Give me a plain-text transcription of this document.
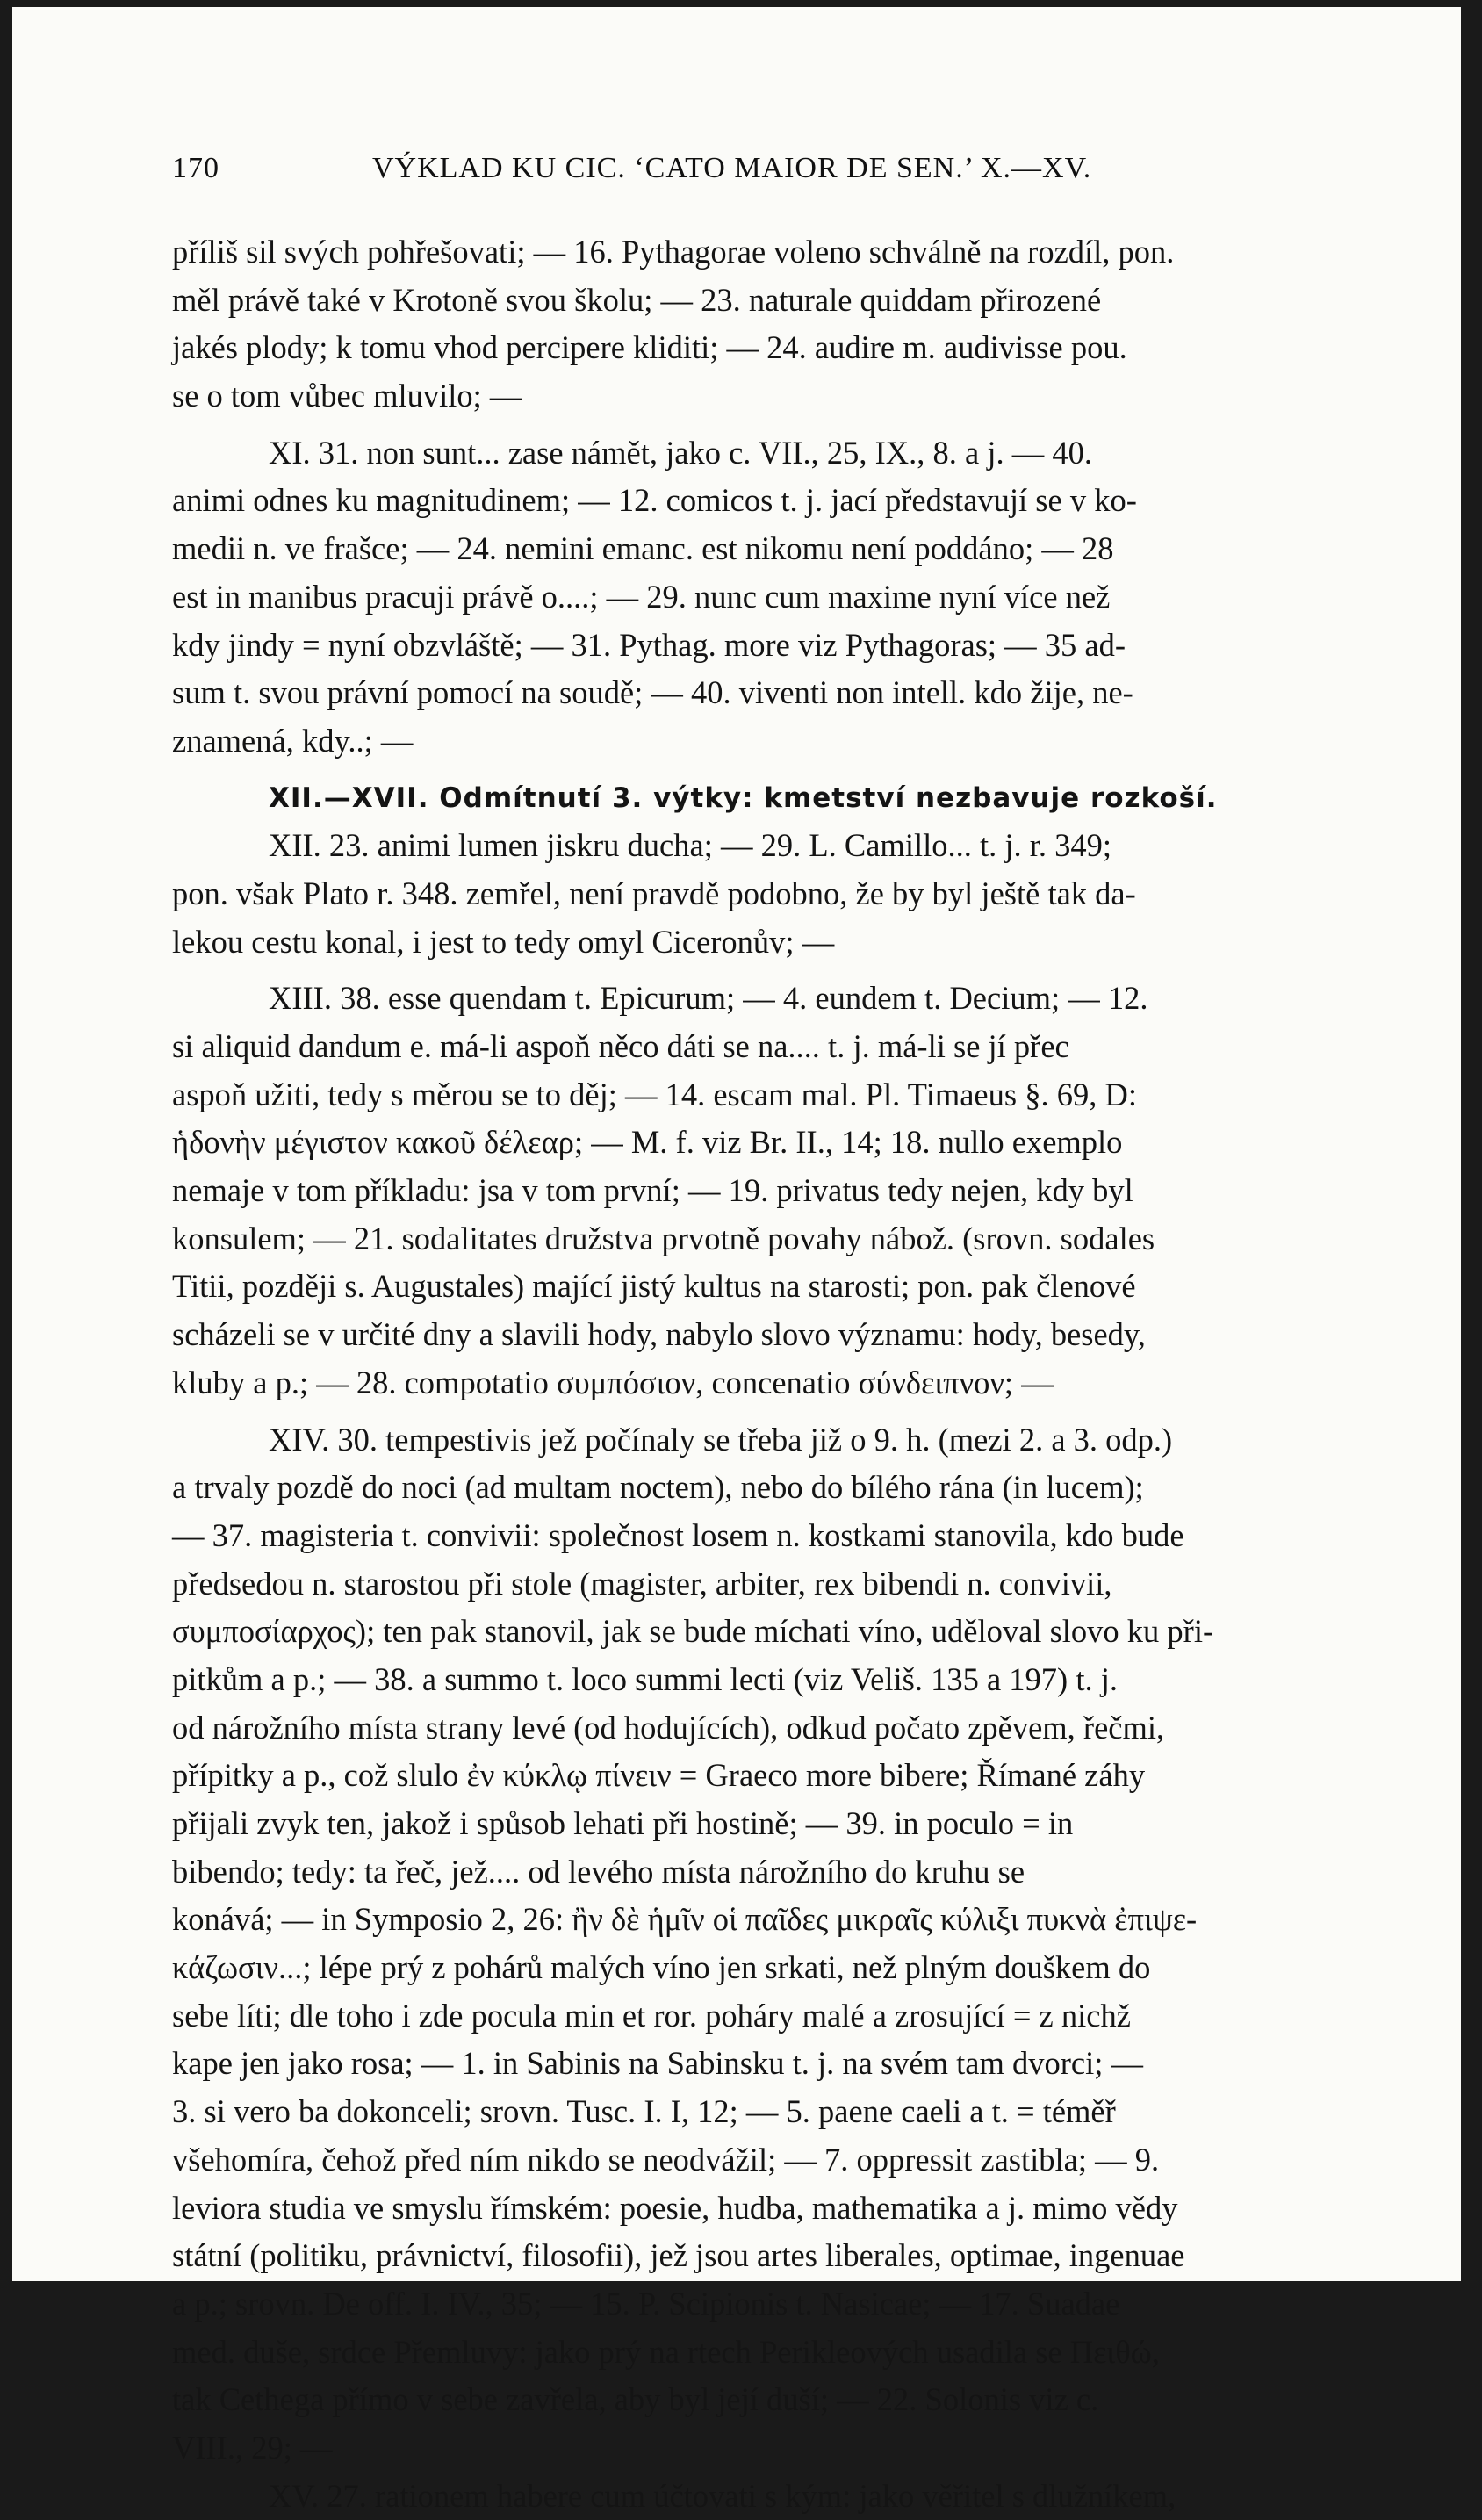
170	VÝKLAD KU CIC. ‘CATO MAIOR DE SEN.’ X.—XV.
příliš sil svých pohřešovati; — 16. Pythagorae voleno schválně na rozdíl, pon.
měl právě také v Krotoně svou školu; — 23. naturale quiddam přirozené
jakés plody; k tomu vhod percipere kliditi; — 24. audire m. audivisse pou.
se o tom vůbec mluvilo; —
XI. 31. non sunt... zase námět, jako c. VII., 25, IX., 8. a j. — 40.
animi odnes ku magnitudinem; — 12. comicos t. j. jací představují se v ko-
medii n. ve frašce; — 24. nemini emanc. est nikomu není poddáno; — 28
est in manibus pracuji právě o....; — 29. nunc cum maxime nyní více než
kdy jindy = nyní obzvláště; — 31. Pythag. more viz Pythagoras; — 35 ad-
sum t. svou právní pomocí na soudě; — 40. viventi non intell. kdo žije, ne-
znamená, kdy..; —
XII.—XVII. Odmítnutí 3. výtky: kmetství nezbavuje rozkoší.
XII. 23. animi lumen jiskru ducha; — 29. L. Camillo... t. j. r. 349;
pon. však Plato r. 348. zemřel, není pravdě podobno, že by byl ještě tak da-
lekou cestu konal, i jest to tedy omyl Ciceronův; —
XIII. 38. esse quendam t. Epicurum; — 4. eundem t. Decium; — 12.
si aliquid dandum e. má-li aspoň něco dáti se na.... t. j. má-li se jí přec
aspoň užiti, tedy s měrou se to děj; — 14. escam mal. Pl. Timaeus §. 69, D:
ἡδονὴν μέγιστον κακοῦ δέλεαρ; — M. f. viz Br. II., 14; 18. nullo exemplo
nemaje v tom příkladu: jsa v tom první; — 19. privatus tedy nejen, kdy byl
konsulem; — 21. sodalitates družstva prvotně povahy nábož. (srovn. sodales
Titii, později s. Augustales) mající jistý kultus na starosti; pon. pak členové
scházeli se v určité dny a slavili hody, nabylo slovo významu: hody, besedy,
kluby a p.; — 28. compotatio συμπόσιον, concenatio σύνδειπνον; —
XIV. 30. tempestivis jež počínaly se třeba již o 9. h. (mezi 2. a 3. odp.)
a trvaly pozdě do noci (ad multam noctem), nebo do bílého rána (in lucem);
— 37. magisteria t. convivii: společnost losem n. kostkami stanovila, kdo bude
předsedou n. starostou při stole (magister, arbiter, rex bibendi n. convivii,
συμποσίαρχος); ten pak stanovil, jak se bude míchati víno, uděloval slovo ku při-
pitkům a p.; — 38. a summo t. loco summi lecti (viz Veliš. 135 a 197) t. j.
od nárožního místa strany levé (od hodujících), odkud počato zpěvem, řečmi,
přípitky a p., což slulo ἐν κύκλῳ πίνειν = Graeco more bibere; Římané záhy
přijali zvyk ten, jakož i spůsob lehati při hostině; — 39. in poculo = in
bibendo; tedy: ta řeč, jež.... od levého místa nárožního do kruhu se
konává; — in Symposio 2, 26: ἢν δὲ ἡμῖν οἱ παῖδες μικραῖς κύλιξι πυκνὰ ἐπιψε-
κάζωσιν...; lépe prý z pohárů malých víno jen srkati, než plným douškem do
sebe líti; dle toho i zde pocula min et ror. poháry malé a zrosující = z nichž
kape jen jako rosa; — 1. in Sabinis na Sabinsku t. j. na svém tam dvorci; —
3. si vero ba dokonceli; srovn. Tusc. I. I, 12; — 5. paene caeli a t. = téměř
všehomíra, čehož před ním nikdo se neodvážil; — 7. oppressit zastibla; — 9.
leviora studia ve smyslu římském: poesie, hudba, mathematika a j. mimo vědy
státní (politiku, právnictví, filosofii), jež jsou artes liberales, optimae, ingenuae
a p.; srovn. De off. I. IV., 35; — 15. P. Scipionis t. Nasicae; — 17. Suadae
med. duše, srdce Přemluvy: jako prý na rtech Perikleových usadila se Πειθώ,
tak Cethega přímo v sebe zavřela, aby byl její duší; — 22. Solonis viz c.
VIII., 29; —
XV. 27. rationem habere cum účtovati s kým: jako věřitel s dlužníkem,
